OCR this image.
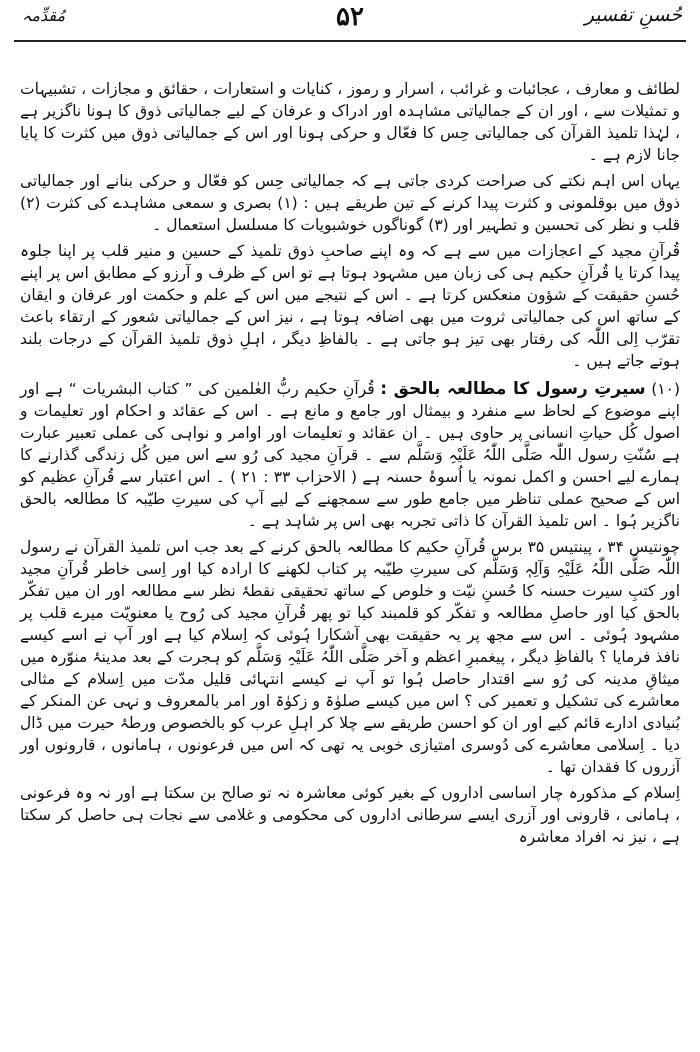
حُسنِ تفسیر
۵۲
مُقدِّمہ

لطائف و معارف ، عجائبات و غرائب ، اسرار و رموز ، کنایات و استعارات ، حقائق و مجازات ، تشبیہات و تمثیلات سے ، اور ان کے جمالیاتی مشاہدہ اور ادراک و عرفان کے لیے جمالیاتی ذوق کا ہونا ناگزیر ہے ، لہٰذا تلمیذ القرآن کی جمالیاتی حِس کا فعّال و حرکی ہونا اور اس کے جمالیاتی ذوق میں کثرت کا پایا جانا لازم ہے ۔

یہاں اس اہم نکتے کی صراحت کردی جاتی ہے کہ جمالیاتی حِس کو فعّال و حرکی بنانے اور جمالیاتی ذوق میں بوقلمونی و کثرت پیدا کرنے کے تین طریقے ہیں : (۱) بصری و سمعی مشاہدے کی کثرت (۲) قلب و نظر کی تحسین و تطہیر اور (۳) گوناگوں خوشبویات کا مسلسل استعمال ۔

قُرآنِ مجید کے اعجازات میں سے ہے کہ وہ اپنے صاحبِ ذوق تلمیذ کے حسین و منیر قلب پر اپنا جلوہ پیدا کرتا یا قُرآنِ حکیم ہی کی زبان میں مشہود ہوتا ہے تو اس کے ظرف و آرزو کے مطابق اس پر اپنے حُسنِ حقیقت کے شؤون منعکس کرتا ہے ۔ اس کے نتیجے میں اس کے علم و حکمت اور عرفان و ایقان کے ساتھ اس کی جمالیاتی ثروت میں بھی اضافہ ہوتا ہے ، نیز اس کے جمالیاتی شعور کے ارتقاء باعث تقرّب اِلی اللّٰہ کی رفتار بھی تیز ہو جاتی ہے ۔ بالفاظِ دیگر ، اہلِ ذوق تلمیذ القرآن کے درجات بلند ہوتے جاتے ہیں ۔

(۱۰) سیرتِ رسول کا مطالعہ بالحق : قُرآنِ حکیم ربُّ العٰلمین کی ” کتاب البشریات “ ہے اور اپنے موضوع کے لحاظ سے منفرد و بیمثال اور جامع و مانع ہے ۔ اس کے عقائد و احکام اور تعلیمات و اصول کُل حیاتِ انسانی پر حاوی ہیں ۔ ان عقائد و تعلیمات اور اوامر و نواہی کی عملی تعبیر عبارت ہے سُنّتِ رسول اللّٰہ صَلَّی اللّٰہُ عَلَیْہِ وَسَلَّم سے ۔ قرآنِ مجید کی رُو سے اس میں کُل زندگی گذارنے کا ہمارے لیے احسن و اکمل نمونہ یا اُسوۂ حسنہ ہے ( الاحزاب ۳۳ : ۲۱ ) ۔ اس اعتبار سے قُرآنِ عظیم کو اس کے صحیح عملی تناظر میں جامع طور سے سمجھنے کے لیے آپ کی سیرتِ طیّبہ کا مطالعہ بالحق ناگزیر ہُوا ۔ اس تلمیذ القرآن کا ذاتی تجربہ بھی اس پر شاہد ہے ۔

چونتیس ۳۴ ، پینتیس ۳۵ برس قُرآنِ حکیم کا مطالعہ بالحق کرنے کے بعد جب اس تلمیذ القرآن نے رسول اللّٰہ صَلَّی اللّٰہُ عَلَیْہِ وَآلِہٖ وَسَلَّم کی سیرتِ طیّبہ پر کتاب لکھنے کا ارادہ کیا اور اِسی خاطر قُرآنِ مجید اور کتبِ سیرت حسنہ کا حُسنِ نیّت و خلوص کے ساتھ تحقیقی نقطۂ نظر سے مطالعہ اور ان میں تفکّر بالحق کیا اور حاصلِ مطالعہ و تفکّر کو قلمبند کیا تو پھر قُرآنِ مجید کی رُوح یا معنویّت میرے قلب پر مشہود ہُوئی ۔ اس سے مجھ پر یہ حقیقت بھی آشکارا ہُوئی کہ اِسلام کیا ہے اور آپ نے اسے کیسے نافذ فرمایا ؟ بالفاظِ دیگر ، پیغمبرِ اعظم و آخر صَلَّی اللّٰہُ عَلَیْہِ وَسَلَّم کو ہجرت کے بعد مدینۂ منوّرہ میں میثاقِ مدینہ کی رُو سے اقتدار حاصل ہُوا تو آپ نے کیسے انتہائی قلیل مدّت میں اِسلام کے مثالی معاشرے کی تشکیل و تعمیر کی ؟ اس میں کیسے صلوٰۃ و زکوٰۃ اور امر بالمعروف و نہی عن المنکر کے بُنیادی ادارے قائم کیے اور ان کو احسن طریقے سے چلا کر اہلِ عرب کو بالخصوص ورطۂ حیرت میں ڈال دیا ۔ اِسلامی معاشرے کی دُوسری امتیازی خوبی یہ تھی کہ اس میں فرعونوں ، ہامانوں ، قارونوں اور آزروں کا فقدان تھا ۔

اِسلام کے مذکورہ چار اساسی اداروں کے بغیر کوئی معاشرہ نہ تو صالح بن سکتا ہے اور نہ وہ فرعونی ، ہامانی ، قارونی اور آزری ایسے سرطانی اداروں کی محکومی و غلامی سے نجات ہی حاصل کر سکتا ہے ، نیز نہ افراد معاشرہ
